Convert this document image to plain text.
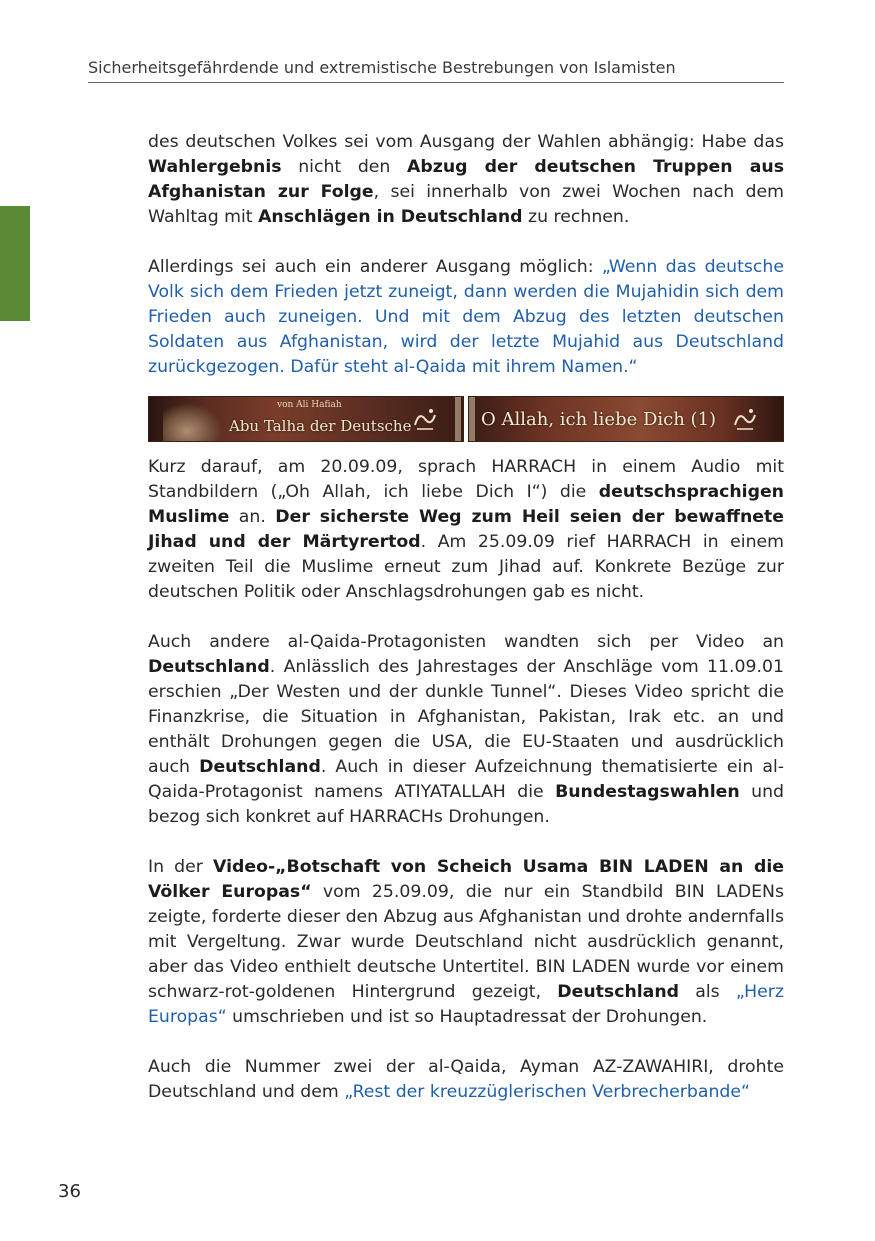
Sicherheitsgefährdende und extremistische Bestrebungen von Islamisten

des deutschen Volkes sei vom Ausgang der Wahlen abhängig: Habe das Wahlergebnis nicht den Abzug der deutschen Truppen aus Afghanistan zur Folge, sei innerhalb von zwei Wochen nach dem Wahltag mit Anschlägen in Deutschland zu rechnen.

Allerdings sei auch ein anderer Ausgang möglich: „Wenn das deutsche Volk sich dem Frieden jetzt zuneigt, dann werden die Mujahidin sich dem Frieden auch zuneigen. Und mit dem Abzug des letzten deutschen Soldaten aus Afghanistan, wird der letzte Mujahid aus Deutschland zurückgezogen. Dafür steht al-Qaida mit ihrem Namen.“

von Ali Hafiah
Abu Talha der Deutsche	O Allah, ich liebe Dich (1)

Kurz darauf, am 20.09.09, sprach HARRACH in einem Audio mit Standbildern („Oh Allah, ich liebe Dich I“) die deutschsprachigen Muslime an. Der sicherste Weg zum Heil seien der bewaffnete Jihad und der Märtyrertod. Am 25.09.09 rief HARRACH in einem zweiten Teil die Muslime erneut zum Jihad auf. Konkrete Bezüge zur deutschen Politik oder Anschlagsdrohungen gab es nicht.

Auch andere al-Qaida-Protagonisten wandten sich per Video an Deutschland. Anlässlich des Jahrestages der Anschläge vom 11.09.01 erschien „Der Westen und der dunkle Tunnel“. Dieses Video spricht die Finanzkrise, die Situation in Afghanistan, Pakistan, Irak etc. an und enthält Drohungen gegen die USA, die EU-Staaten und ausdrücklich auch Deutschland. Auch in dieser Aufzeichnung thematisierte ein al-Qaida-Protagonist namens ATIYATALLAH die Bundestagswahlen und bezog sich konkret auf HARRACHs Drohungen.

In der Video-„Botschaft von Scheich Usama BIN LADEN an die Völker Europas“ vom 25.09.09, die nur ein Standbild BIN LADENs zeigte, forderte dieser den Abzug aus Afghanistan und drohte andernfalls mit Vergeltung. Zwar wurde Deutschland nicht ausdrücklich genannt, aber das Video enthielt deutsche Untertitel. BIN LADEN wurde vor einem schwarz-rot-goldenen Hintergrund gezeigt, Deutschland als „Herz Europas“ umschrieben und ist so Hauptadressat der Drohungen.

Auch die Nummer zwei der al-Qaida, Ayman AZ-ZAWAHIRI, drohte Deutschland und dem „Rest der kreuzzüglerischen Verbrecherbande“

36
